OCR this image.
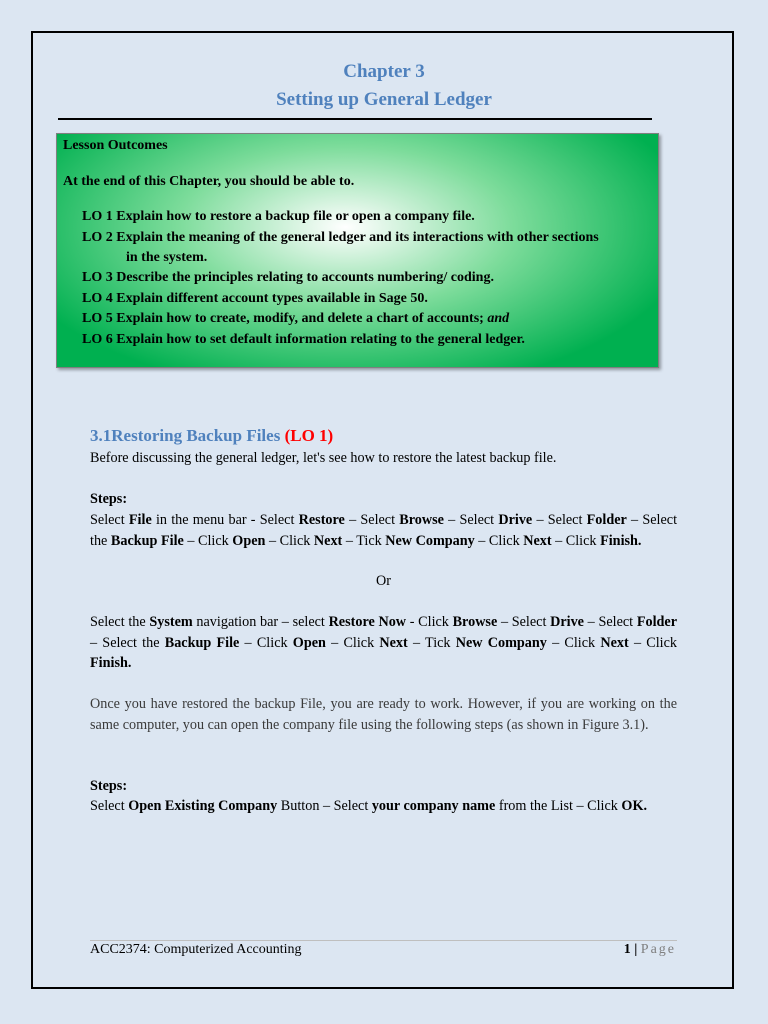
Chapter 3
Setting up General Ledger
Lesson Outcomes
At the end of this Chapter, you should be able to.
LO 1 Explain how to restore a backup file or open a company file.
LO 2 Explain the meaning of the general ledger and its interactions with other sections
in the system.
LO 3 Describe the principles relating to accounts numbering/ coding.
LO 4 Explain different account types available in Sage 50.
LO 5 Explain how to create, modify, and delete a chart of accounts; and
LO 6 Explain how to set default information relating to the general ledger.
3.1Restoring Backup Files (LO 1)
Before discussing the general ledger, let's see how to restore the latest backup file.
Steps:
Select File in the menu bar - Select Restore – Select Browse – Select Drive – Select Folder – Select the Backup File – Click Open – Click Next – Tick New Company – Click Next – Click Finish.
Or
Select the System navigation bar – select Restore Now - Click Browse – Select Drive – Select Folder – Select the Backup File – Click Open – Click Next – Tick New Company – Click Next – Click Finish.
Once you have restored the backup File, you are ready to work. However, if you are working on the same computer, you can open the company file using the following steps (as shown in Figure 3.1).
Steps:
Select Open Existing Company Button – Select your company name from the List – Click OK.
ACC2374: Computerized Accounting	1 | Page
